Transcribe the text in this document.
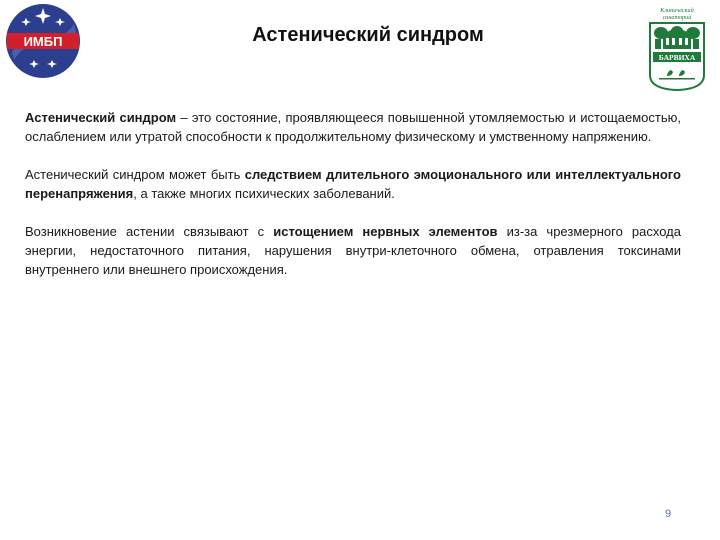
ИМБП
Клинический
санаторий
БАРВИХА
Астенический синдром

Астенический синдром – это состояние, проявляющееся повышенной утомляемостью и истощаемостью, ослаблением или утратой способности к продолжительному физическому и умственному напряжению.

Астенический синдром может быть следствием длительного эмоционального или интеллектуального перенапряжения, а также многих психических заболеваний.

Возникновение астении связывают с истощением нервных элементов из-за чрезмерного расхода энергии, недостаточного питания, нарушения внутри-клеточного обмена, отравления токсинами внутреннего или внешнего происхождения.

9
